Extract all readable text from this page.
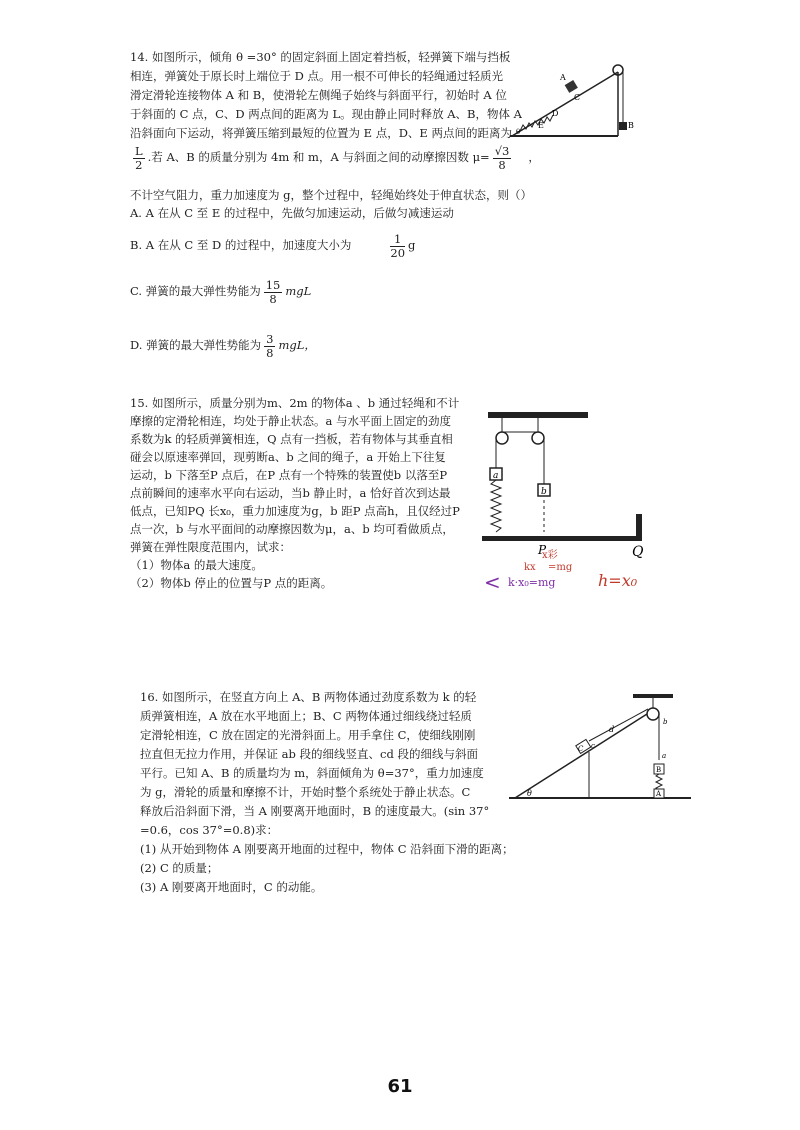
14. 如图所示，倾角 θ =30° 的固定斜面上固定着挡板，轻弹簧下端与挡板
相连，弹簧处于原长时上端位于 D 点。用一根不可伸长的轻绳通过轻质光
滑定滑轮连接物体 A 和 B，使滑轮左侧绳子始终与斜面平行，初始时 A 位
于斜面的 C 点，C、D 两点间的距离为 L。现由静止同时释放 A、B，物体 A
沿斜面向下运动，将弹簧压缩到最短的位置为 E 点，D、E 两点间的距离为
$\frac{L}{2}$ .若 A、B 的质量分别为 4m 和 m，A 与斜面之间的动摩擦因数 $\mu= \frac{√3}{8}$ ，
不计空气阻力，重力加速度为 g，整个过程中，轻绳始终处于伸直状态，则（）
A. A 在从 C 至 E 的过程中，先做匀加速运动，后做匀减速运动
B. A 在从 C 至 D 的过程中，加速度大小为	$\frac{1}{20}$ g
C. 弹簧的最大弹性势能为 $\frac{15}{8}$ mgL
D. 弹簧的最大弹性势能为 $\frac{3}{8}$ mgL，
A
C
D
E	B
θ
15. 如图所示，质量分别为m、2m 的物体a 、b 通过轻绳和不计
摩擦的定滑轮相连，均处于静止状态。a 与水平面上固定的劲度
系数为k 的轻质弹簧相连，Q 点有一挡板，若有物体与其垂直相
碰会以原速率弹回，现剪断a、b 之间的绳子，a 开始上下往复
运动，b 下落至P 点后，在P 点有一个特殊的装置使b 以落至P
点前瞬间的速率水平向右运动，当b 静止时，a 恰好首次到达最
低点，已知PQ 长x₀，重力加速度为g，b 距P 点高h，且仅经过P
点一次，b 与水平面间的动摩擦因数为μ，a、b 均可看做质点，
弹簧在弹性限度范围内，试求：
（1）物体a 的最大速度。
（2）物体b 停止的位置与P 点的距离。
a
b
P	Q
x彩
=mg
kx
< k·x₀=mg	h=x₀
16. 如图所示，在竖直方向上 A、B 两物体通过劲度系数为 k 的轻
质弹簧相连，A 放在水平地面上；B、C 两物体通过细线绕过轻质
定滑轮相连，C 放在固定的光滑斜面上。用手拿住 C，使细线刚刚
拉直但无拉力作用，并保证 ab 段的细线竖直、cd 段的细线与斜面
平行。已知 A、B 的质量均为 m，斜面倾角为 θ=37°，重力加速度
为 g，滑轮的质量和摩擦不计，开始时整个系统处于静止状态。C
释放后沿斜面下滑，当 A 刚要离开地面时，B 的速度最大。(sin 37°
=0.6，cos 37°=0.8)求：
(1) 从开始到物体 A 刚要离开地面的过程中，物体 C 沿斜面下滑的距离；
(2) C 的质量；
(3) A 刚要离开地面时，C 的动能。
C c
d
b
a
B
A
θ
61
